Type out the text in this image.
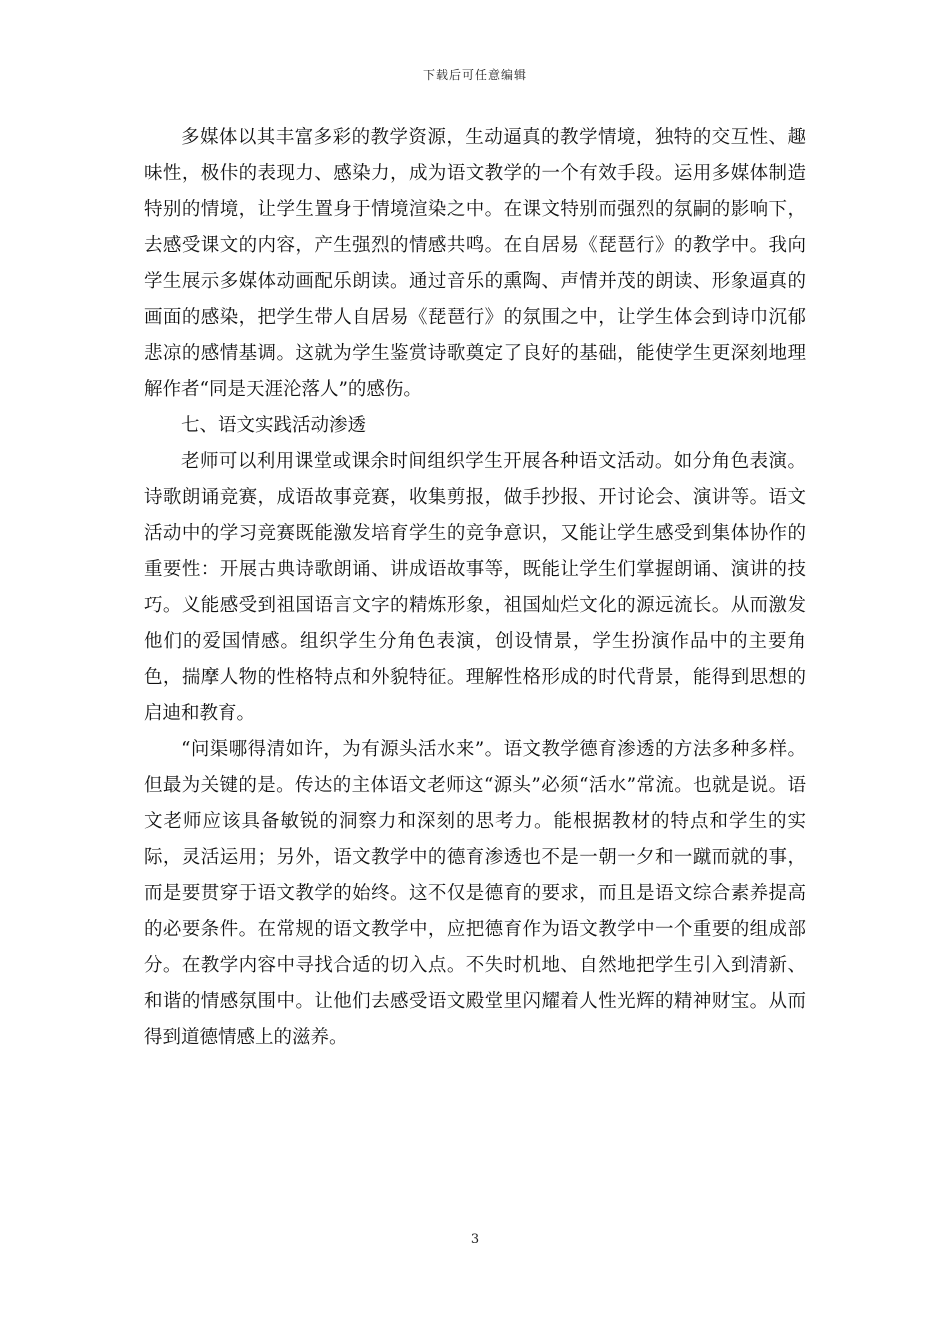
下载后可任意编辑

多媒体以其丰富多彩的教学资源，生动逼真的教学情境，独特的交互性、趣味性，极佧的表现力、感染力，成为语文教学的一个有效手段。运用多媒体制造特别的情境，让学生置身于情境渲染之中。在课文特别而强烈的氛嗣的影响下，去感受课文的内容，产生强烈的情感共鸣。在自居易《琵琶行》的教学中。我向学生展示多媒体动画配乐朗读。通过音乐的熏陶、声情并茂的朗读、形象逼真的画面的感染，把学生带人自居易《琵琶行》的氛围之中，让学生体会到诗巾沉郁悲凉的感情基调。这就为学生鉴赏诗歌奠定了良好的基础，能使学生更深刻地理解作者“同是天涯沦落人”的感伤。

七、语文实践活动渗透

老师可以利用课堂或课余时间组织学生开展各种语文活动。如分角色表演。诗歌朗诵竞赛，成语故事竞赛，收集剪报，做手抄报、开讨论会、演讲等。语文活动中的学习竞赛既能激发培育学生的竞争意识，又能让学生感受到集体协作的重要性：开展古典诗歌朗诵、讲成语故事等，既能让学生们掌握朗诵、演讲的技巧。义能感受到祖国语言文字的精炼形象，祖国灿烂文化的源远流长。从而激发他们的爱国情感。组织学生分角色表演，创设情景，学生扮演作品中的主要角色，揣摩人物的性格特点和外貌特征。理解性格形成的时代背景，能得到思想的启迪和教育。

“问渠哪得清如许，为有源头活水来”。语文教学德育渗透的方法多种多样。但最为关键的是。传达的主体语文老师这“源头”必须“活水”常流。也就是说。语文老师应该具备敏锐的洞察力和深刻的思考力。能根据教材的特点和学生的实际，灵活运用；另外，语文教学中的德育渗透也不是一朝一夕和一蹴而就的事，而是要贯穿于语文教学的始终。这不仅是德育的要求，而且是语文综合素养提高的必要条件。在常规的语文教学中，应把德育作为语文教学中一个重要的组成部分。在教学内容中寻找合适的切入点。不失时机地、自然地把学生引入到清新、和谐的情感氛围中。让他们去感受语文殿堂里闪耀着人性光辉的精神财宝。从而得到道德情感上的滋养。

3
